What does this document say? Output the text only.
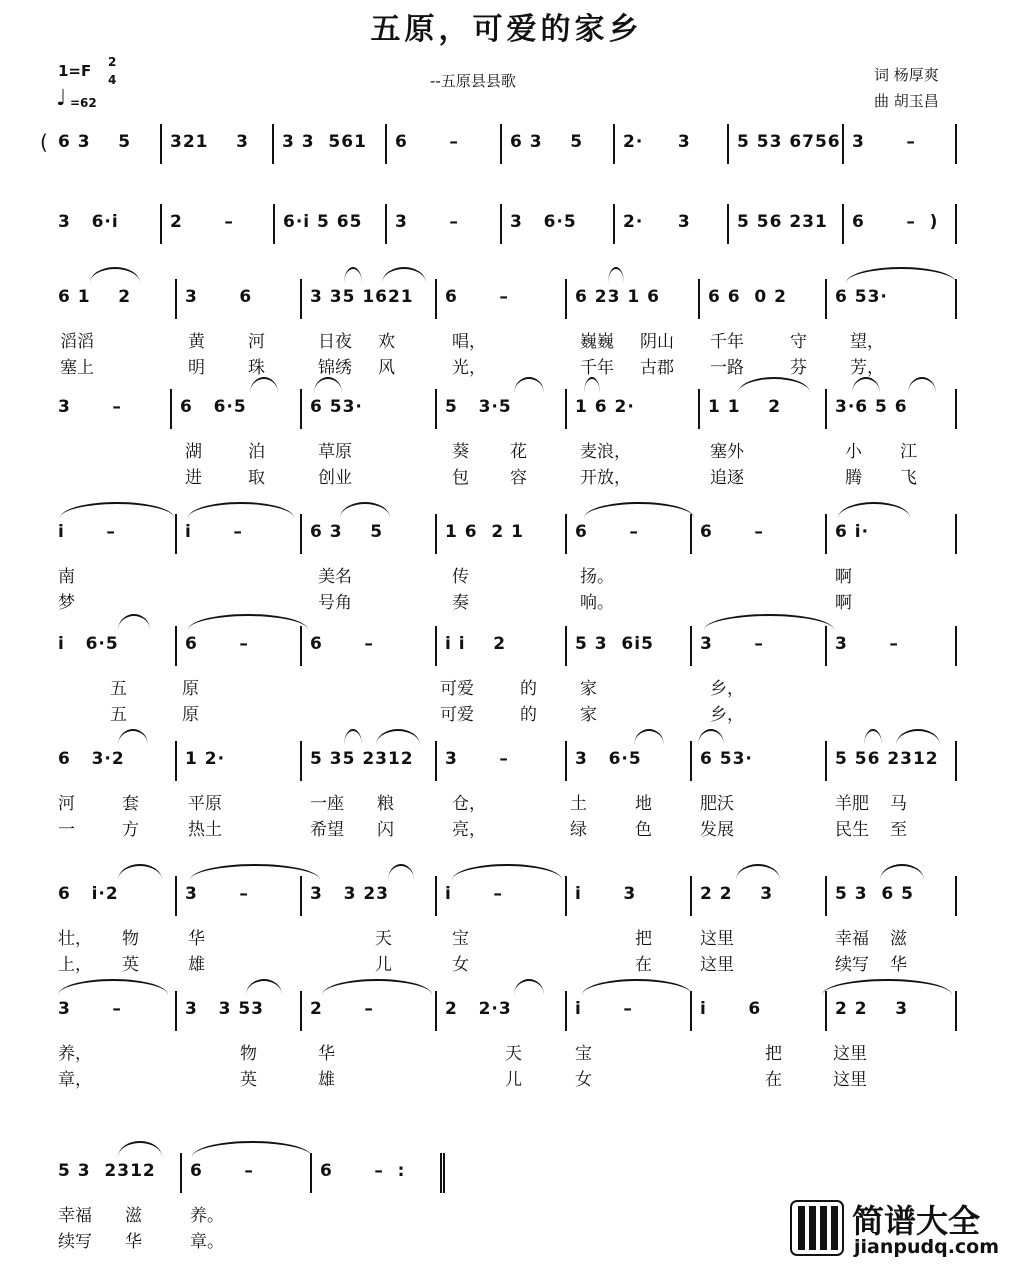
五原，可爱的家乡
1=F 2
4
♩ =62
--五原县县歌	词 杨厚爽
曲 胡玉昌
( 6 3    5 321    3 3 3  561 6      –	6 3    5 2·     3	5 53 6756 3      –
3   6·i	2      –	6·i 5 65 3      –	3   6·5	2·     3	5 56 231 6      –  )
6 1    2	3      6	3 35 1621 6      –	6 23 1 6	6 6  0 2	6 53·
滔滔	黄	河	日夜 欢	唱，	巍巍 阴山 千年	守	望，
塞上	明	珠	锦绣 风	光，	千年 古郡 一路	芬	芳，
3      –	6   6·5	6 53·	5   3·5	1 6 2·	1 1    2	3·6 5 6
湖	泊	草原	葵 花	麦浪，	塞外	小 江
进	取	创业	包 容	开放，	追逐	腾 飞
i      –	i      –	6 3    5	1 6  2 1	6      –	6      –	6 i·
南	美名	传	扬。	啊
梦	号角	奏	响。	啊
i   6·5	6      –	6      –	i i    2	5 3  6i5	3      –	3      –
五	原	可爱	的	家	乡，
五	原	可爱	的	家	乡，
6   3·2	1 2·	5 35 2312 3      –	3   6·5	6 53·	5 56 2312
河	套	平原	一座 粮	仓，	土	地	肥沃	羊肥 马
一	方	热土	希望 闪	亮，	绿	色	发展	民生 至
6   i·2	3      –	3   3 23	i      –	i      3	2 2    3	5 3  6 5
壮， 物	华	天	宝	把	这里	幸福 滋
上， 英	雄	儿	女	在	这里	续写 华
3      –	3   3 53	2      –	2   2·3	i      –	i      6	2 2    3
养，	物	华	天	宝	把	这里
章，	英	雄	儿	女	在	这里
5 3  2312 6      –	6      –  :
幸福 滋	养。
续写 华	章。
简谱大全
jianpudq.com
